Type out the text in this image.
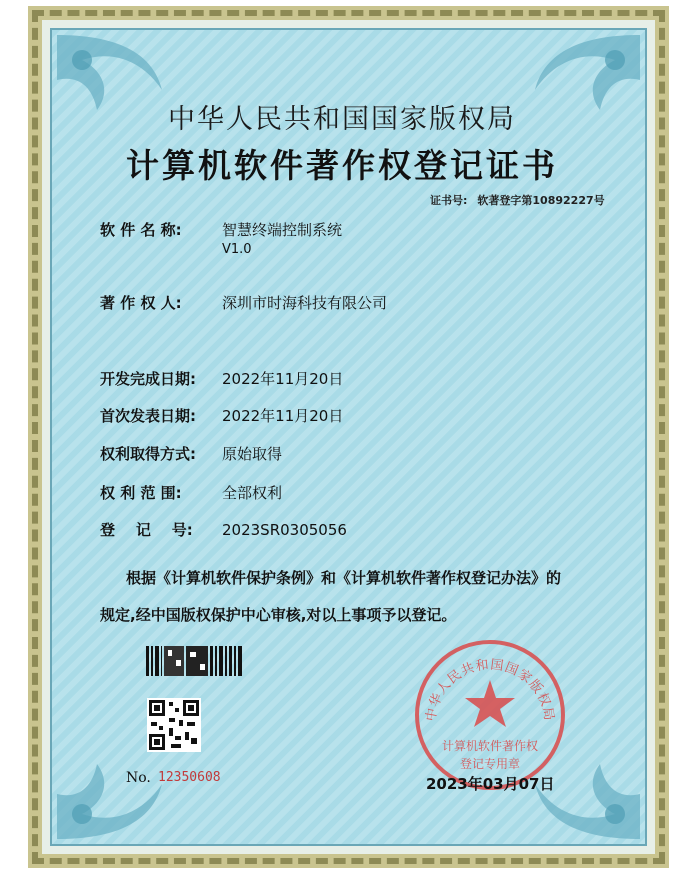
中华人民共和国国家版权局
计算机软件著作权登记证书
证书号: 软著登字第10892227号
软 件 名 称:	智慧终端控制系统
V1.0
著 作 权 人:	深圳市时海科技有限公司
开发完成日期: 2022年11月20日
首次发表日期: 2022年11月20日
权利取得方式: 原始取得
权 利 范 围:	全部权利
登    记    号: 2023SR0305056
根据《计算机软件保护条例》和《计算机软件著作权登记办法》的
规定,经中国版权保护中心审核,对以上事项予以登记。
No. 12350608
中华人民共和国国家版权局
计算机软件著作权
登记专用章
2023年03月07日
